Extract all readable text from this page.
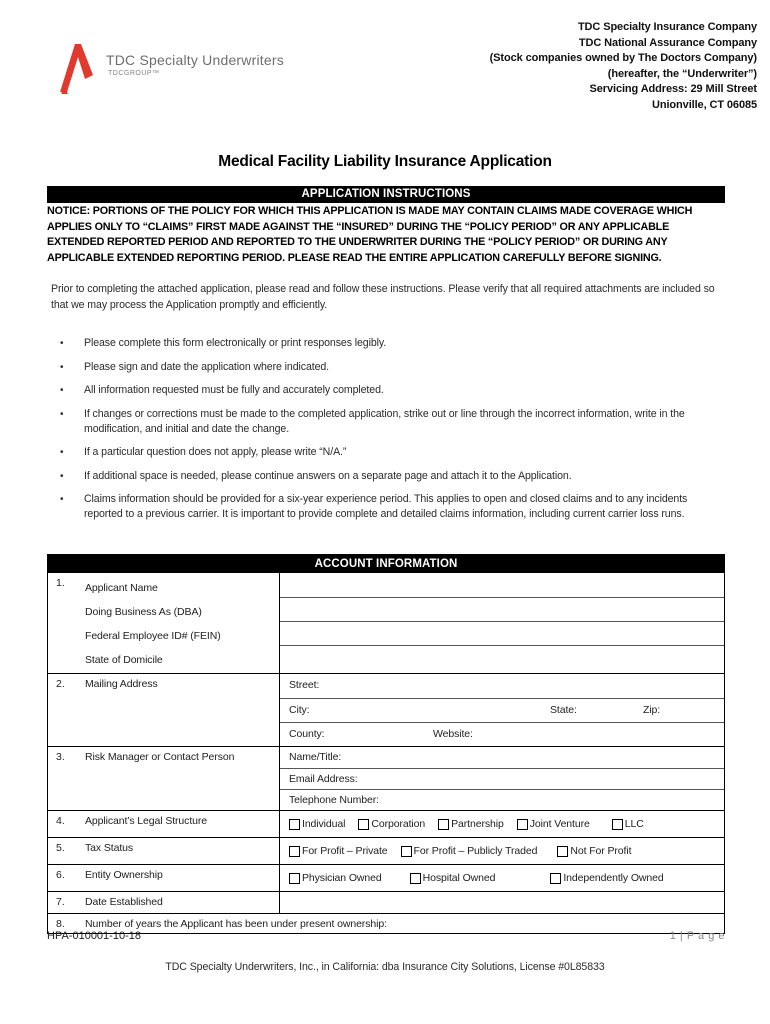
TDC Specialty Underwriters
TDCGROUP™
TDC Specialty Insurance Company
TDC National Assurance Company
(Stock companies owned by The Doctors Company)
(hereafter, the “Underwriter”)
Servicing Address: 29 Mill Street
Unionville, CT 06085
Medical Facility Liability Insurance Application
APPLICATION INSTRUCTIONS
NOTICE: PORTIONS OF THE POLICY FOR WHICH THIS APPLICATION IS MADE MAY CONTAIN CLAIMS MADE COVERAGE WHICH APPLIES ONLY TO “CLAIMS” FIRST MADE AGAINST THE “INSURED” DURING THE “POLICY PERIOD” OR ANY APPLICABLE EXTENDED REPORTED PERIOD AND REPORTED TO THE UNDERWRITER DURING THE “POLICY PERIOD” OR DURING ANY APPLICABLE EXTENDED REPORTING PERIOD. PLEASE READ THE ENTIRE APPLICATION CAREFULLY BEFORE SIGNING.
Prior to completing the attached application, please read and follow these instructions. Please verify that all required attachments are included so that we may process the Application promptly and efficiently.
•	Please complete this form electronically or print responses legibly.
•	Please sign and date the application where indicated.
•	All information requested must be fully and accurately completed.
•	If changes or corrections must be made to the completed application, strike out or line through the incorrect information, write in the modification, and initial and date the change.
•	If a particular question does not apply, please write “N/A.”
•	If additional space is needed, please continue answers on a separate page and attach it to the Application.
•	Claims information should be provided for a six-year experience period. This applies to open and closed claims and to any incidents reported to a previous carrier. It is important to provide complete and detailed claims information, including current carrier loss runs.
ACCOUNT INFORMATION
1.	Applicant Name
Doing Business As (DBA)
Federal Employee ID# (FEIN)
State of Domicile
2.	Mailing Address	Street:
City:	State:	Zip:
County:	Website:
3.	Risk Manager or Contact Person	Name/Title:
Email Address:
Telephone Number:
4.	Applicant’s Legal Structure	Individual Corporation Partnership Joint Venture	LLC
5.	Tax Status	For Profit – Private For Profit – Publicly Traded	Not For Profit
6.	Entity Ownership	Physician Owned	Hospital Owned	Independently Owned
7.	Date Established
8.	Number of years the Applicant has been under present ownership:
HPA-010001-10-18	1 | P a g e
TDC Specialty Underwriters, Inc., in California: dba Insurance City Solutions, License #0L85833
